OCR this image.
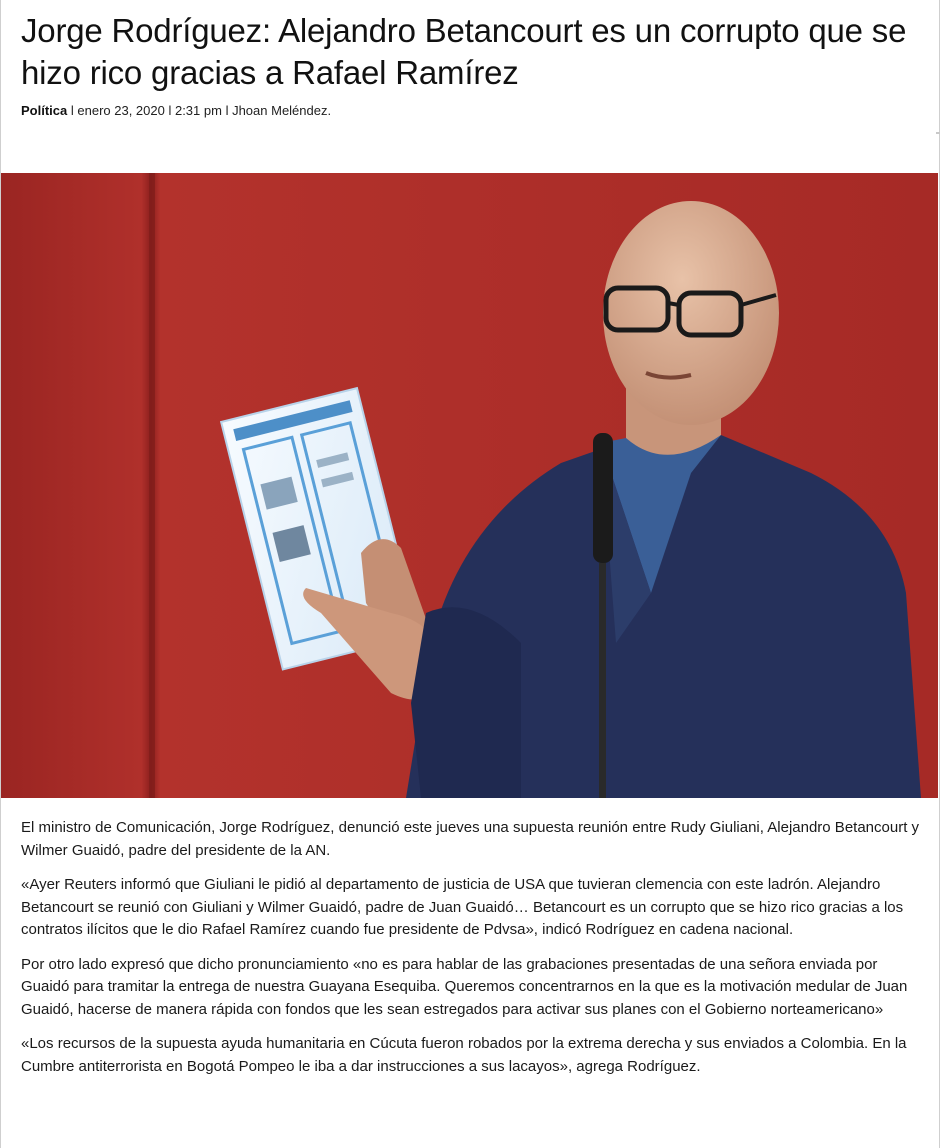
Jorge Rodríguez: Alejandro Betancourt es un corrupto que se hizo rico gracias a Rafael Ramírez
Política l enero 23, 2020 l 2:31 pm l Jhoan Meléndez.

El ministro de Comunicación, Jorge Rodríguez, denunció este jueves una supuesta reunión entre Rudy Giuliani, Alejandro Betancourt y Wilmer Guaidó, padre del presidente de la AN.

«Ayer Reuters informó que Giuliani le pidió al departamento de justicia de USA que tuvieran clemencia con este ladrón. Alejandro Betancourt se reunió con Giuliani y Wilmer Guaidó, padre de Juan Guaidó… Betancourt es un corrupto que se hizo rico gracias a los contratos ilícitos que le dio Rafael Ramírez cuando fue presidente de Pdvsa», indicó Rodríguez en cadena nacional.

Por otro lado expresó que dicho pronunciamiento «no es para hablar de las grabaciones presentadas de una señora enviada por Guaidó para tramitar la entrega de nuestra Guayana Esequiba. Queremos concentrarnos en la que es la motivación medular de Juan Guaidó, hacerse de manera rápida con fondos que les sean estregados para activar sus planes con el Gobierno norteamericano»

«Los recursos de la supuesta ayuda humanitaria en Cúcuta fueron robados por la extrema derecha y sus enviados a Colombia. En la Cumbre antiterrorista en Bogotá Pompeo le iba a dar instrucciones a sus lacayos», agrega Rodríguez.
